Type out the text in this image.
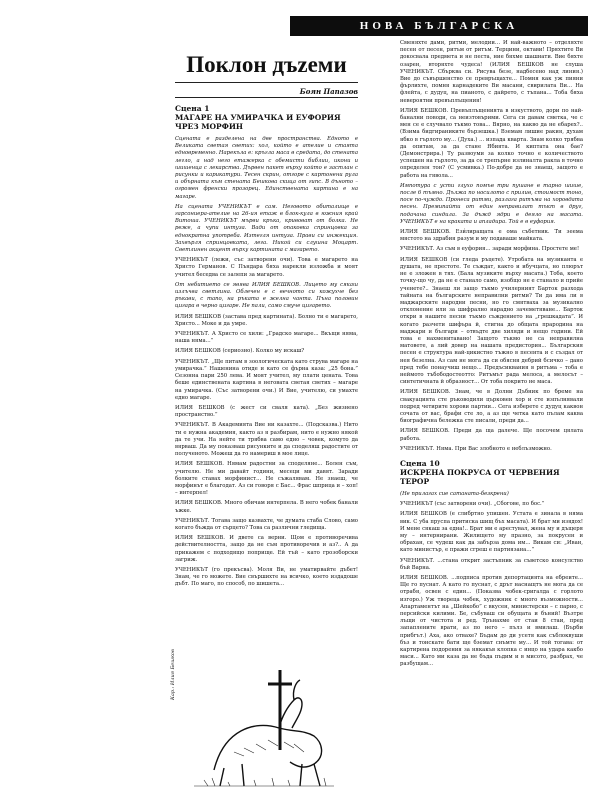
НОВА БЪЛГАРСКА
Поклон дъzеми
Боян Папазов
Сцена 1
МАГАРЕ НА УМИРАЧКА И ЕУФОРИЯ ЧРЕЗ МОРФИН

Сцената е разделена на две пространства. Едното е Великата светая светих: хол, който е ателие и стаята едновременно. Нарекъла е: кръгла маса в средата, до стената легло, а над него етажерка с обемисти библии, икони и шишенца с лекарства. Дървен пакет върху който е застлан с рисунки и карикатури. Тесен скрин, отгоре с картонени рула и обърната към стената Бешкова скица от гипс. В дъното – огромен френски прозорец. Единствената картина е на магаре.

На сцената УЧЕНИКЪТ е сам. Неговото обиталище е гарсониера-ателие на 26-ия етаж в блок-кула в южния край Витоша. УЧЕНИКЪТ мърви кръка, кривоват от болка. Не реже, а чупи интуза. Вади от опаковка спринцовка за еднократна употреба. Изтегля интуза. Прави си инжекция. Захвърля спринцовката, лега. Никой си слушна Моцарт. Светлинен акцент върху картината с магарето.

УЧЕНИКЪТ (лежи, със затворени очи). Това е магарето на Христо Германов. С Пъндара бяха нарекли изложба и моят учител беседва се залепи за магарето.

От небитието се явява ИЛИЯ БЕШКОВ. Лицето му сякаш излъчва светлина. Облечен е с вечното си кожухче без ръкави, с тапо, на ръката е желна чанта. Пъна половин цигара в черно цигаре. Не пали, само смуче цигарето.

ИЛИЯ БЕШКОВ (застава пред картината). Болно ти е магарето, Христо... Моке и да умре.

УЧЕНИКЪТ. А Христо се хили: „Градско магаре... Вкъщи няма, наша няма...”

ИЛИЯ БЕШКОВ (сериозно). Колко му искаш?

УЧЕНИКЪТ. „Ще питам в зоологическата като струва магаре на умирачка.” Нашенина отиде и като се фърна каза: „25 бона.” Сезонна пари 250 лева. И моят учител, му плати цената. Това беше единствената картина в неговата светая светих – магаре на умирачка. (Със затворени очи.) И Вие, учителю, си умахте едно магаре.

ИЛИЯ БЕШКОВ (с жест си сваля ката). „Без жизнено пространство.”

УЧЕНИКЪТ. В Академията Вие ни казахте... (Подсказва.) Нито ти е нужна академия, както аз я разбирам, нито е нужно някой да те учи. На нейте ти трябва само едно – човек, комуто да вярваш. Да му показваш рисунките и да споделяш радостите от полученото. Можеш да го намериш в мое лице.

ИЛИЯ БЕШКОВ. Нямам радостни за споделяне... Болен съм, учителю. Не ми давайт години, месеци ми давят. Заради болките ставах морфинист... Не съжалявам. Не знаеш, че морфинът е благодат. Аз си говоря с Бас... Фрас шприца и – хоп! – интерпел!

ИЛИЯ БЕШКОВ. Много обичам интерпела. В него чобек банали ъжке.

УЧЕНИКЪТ. Тогава защо казвахте, че думата стаба Слово, само когато бъжда от сърцето? Това са различни гледища.

ИЛИЯ БЕШКОВ. И двете са верни. Щом е противоречива действителността, защо да не съм противоречив и аз?.. А да прикажем с подходящо поприще. Ей тъй – като грозоборски загриж.

УЧЕНИКЪТ (го прекъсва). Моля Ви, не уматирвайте дъбет! Знам, че го можете. Вие свършихте на всичко, което издадоше дъбт. По маго, по способ, по шишета...

Сменяхте дами, ритми, мелодии… И най-важното – отделяхте песен от песен, ритъм от ритъм. Терцини, октави! Пряхтите Ви докосвала предмета и не песта, ние бяхме шашнати. Вие бяхте озарен, вторяхте чудеса! (ИЛИЯ БЕШКОВ не слуша УЧЕНИКЪТ. Сбърква си. Рисува безе, надбесено над линия.) Вие до съвършенство се превръщахте... Помня как уж пияни фърлихте, помня карнадеките Ви масани, свирилата Ви... На флейта, с дудуц, на пианото, с дайрето, с тъпана... Тоба бяха невероятни превъплъщения!

ИЛИЯ БЕШКОВ. Превъплъщенията в изкуството, дори по най-банални поводи, са неизтовърими. Сега си давам сметка, че с мен се е случвало тъкмо това... Вярно, на какво да не ебарех?.. (Взима бидгираниките бързешка.) Вземам лишие ракия, духам ябко в гърлото му... (Духа.) ... изпада кварта. Знам колко трябва да опитам, за да стане Ябията. И киптата она бае? (Демонстрира.) Ту развоуми за колко точно е количеството успешен на гърлото, за да се трепърне излиналта ракла в точно определен тон? (С усмивка.) По-добре да не знаеш, защото е работа на гявола...

Импотура с усти глухо помъв три пушане в тарно шише, после 6 тъмно. Дължа по носилото с прилив, стоимост тоно, посе по-чуждо. Пронеса ритми, разлага ритъма на хоровдата песен. Премипайти от един неправилат тъкт в друг, подачана синдила. За дъжд ядри е деяло на масата. УЧЕНИКЪТ е на краката и апладира. Той е в еуфория.

ИЛИЯ БЕШКОВ. Ези́лиращата е ома събетник. Ти зеема мястото на здрабия разум и му подаваше майката.

УЧЕНИКЪТ. Аз съм в еуфория... заради морфина. Простете ме!

ИЛИЯ БЕШКОВ (си гледа ръцете). Утробата на музиканта е душата, не престоте. Те съждат, както и ибучцата, но плюрът не е зложен в тях. (Бала музиките върху масата.) Тоба, което точку-що чу, да не е станало само, изобщо не е станало и прийе ученете?.. Знаеш ли защо тъкмо училерният Барток разхода тайната на българските неправилни ритми? Ти да има ли в маджарските народни песни, но го смятваха за музикално отклонение или за шифрално нарадно зачеметяване... Барток откри в нашите песни тъкмо съждението на „грешкадата”. И когато разчети шифъра й, стигна до общата прародина на маджари и българи – отвъдте две хиляди и нещо години. Ей това е нахменитавано! Защото тъкмо не са неправилна матовете, а лий довер на нашата предистория... Българския песен е структура най-цикистно тъжно в песента и с създал от нея безелна. Аз сам не мога да си обясня дебрий бсичко – дано пред тебе понаучиш нещо... Предъсиквания в ритъма – тоба е неймото тъбободостеотто: Ритъмът рада мелоса, а мелосът – синтетичната й образност... От тоба покрито не маса.

ИЛИЯ БЕШКОВ. Знам, че в Долни Дъбник по бреме на свакуацията сте ръководили църковен хор и сте изпълнявали подред четирите хорови партии... Сега изберете с дудуц каквон сочата от вас, брафи сте ло, а аз ще четка като пълам каква биографична бележка сте писали, преди да...

ИЛИЯ БЕШКОВ. Преди да ща далече. Ще посочем цялата работа.

УЧЕНИКЪТ. Няма. При Вас злобното е неблъзможно.

Сцена 10
ИСКРЕНА ПОКРУСА ОТ ЧЕРВЕНИЯ ТЕРОР

(Не прилагах сие сатаната-безкрени)

УЧЕНИКЪТ (със затворени очи). „Сбогове, по бос.”

ИЛИЯ БЕШКОВ (е слибртно упишен. Устата е зинала в няма вик. С уба пруспа притиска шищ бъх масата). И брат ми изядох! И мене сякаш за една!.. Брат ми е арестувал, жена му и дъщеря му – интернирани. Жилището му празно, за покрусен и обрахан, се чудеш как да забърза дома им... Викам си: „Иван, като министър, е пражи сгреш е партиязана…”

УЧЕНИКЪТ. ...стана открит застъпник за съветско консулство бъй Варна.

ИЛИЯ БЕШКОВ. ...подписа против депортацията на ебреите... Ще го пуснат. А като го пуснат, с дрът наснащтъ не мога да се отрабя, освен с един... (Показва чобек-сригалда с горлото изгоро.) Уж твореца чобек, художник с много възможности... Апартаментът на „Шейкобо” с вкусен, министерски – с парно, с персийски килими. Бе, събуваш си обущата и бъний! Възтре лъщи от чистота и ред. Трънахме от стаи 8 стаи, пред запаплените врати, аз по него – пълз и вмилаш. (Бърби прибгът.) Аха, ако отвахе? Бъдам до ди усетя как съблоквуши бъз и тонскате бати ще бземат снъмте му... И той тогава: от картирена подорения за някакъв клопка с инцо на удара какбо маси... Като ми каза да не бъда пъдим и в мисото, разбрах, че разбущам...

Кар.: Илия Бешков
